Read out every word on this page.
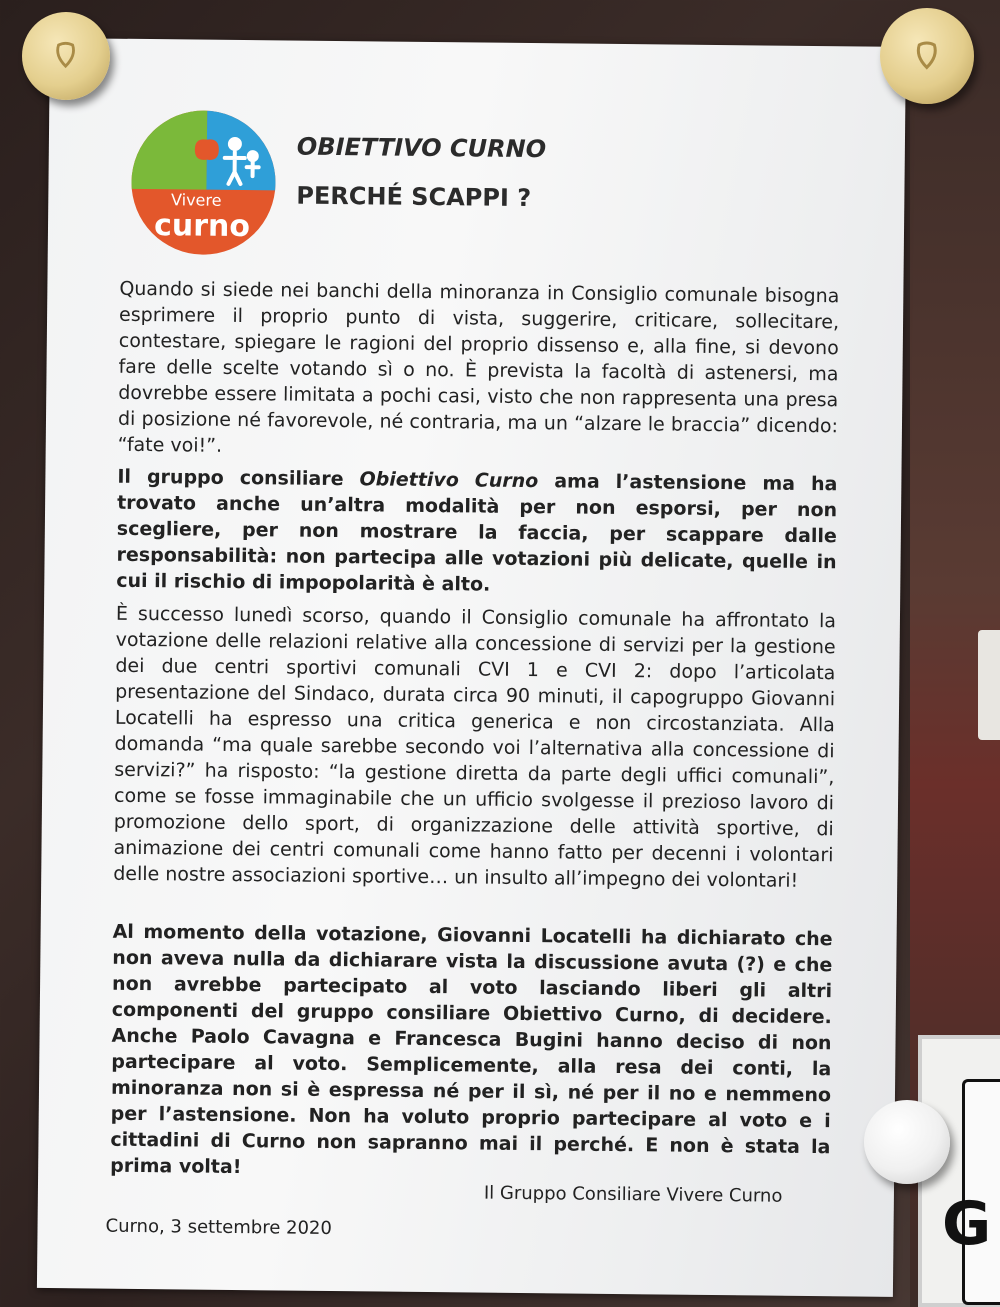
G
Vivere
curno
OBIETTIVO CURNO
PERCHÉ SCAPPI ?
Quando si siede nei banchi della minoranza in Consiglio comunale bisogna esprimere il proprio punto di vista, suggerire, criticare, sollecitare, contestare, spiegare le ragioni del proprio dissenso e, alla fine, si devono fare delle scelte votando sì o no. È prevista la facoltà di astenersi, ma dovrebbe essere limitata a pochi casi, visto che non rappresenta una presa di posizione né favorevole, né contraria, ma un “alzare le braccia” dicendo: “fate voi!”.
Il gruppo consiliare Obiettivo Curno ama l’astensione ma ha trovato anche un’altra modalità per non esporsi, per non scegliere, per non mostrare la faccia, per scappare dalle responsabilità: non partecipa alle votazioni più delicate, quelle in cui il rischio di impopolarità è alto.
È successo lunedì scorso, quando il Consiglio comunale ha affrontato la votazione delle relazioni relative alla concessione di servizi per la gestione dei due centri sportivi comunali CVI 1 e CVI 2: dopo l’articolata presentazione del Sindaco, durata circa 90 minuti, il capogruppo Giovanni Locatelli ha espresso una critica generica e non circostanziata. Alla domanda “ma quale sarebbe secondo voi l’alternativa alla concessione di servizi?” ha risposto: “la gestione diretta da parte degli uffici comunali”, come se fosse immaginabile che un ufficio svolgesse il prezioso lavoro di promozione dello sport, di organizzazione delle attività sportive, di animazione dei centri comunali come hanno fatto per decenni i volontari delle nostre associazioni sportive… un insulto all’impegno dei volontari!
Al momento della votazione, Giovanni Locatelli ha dichiarato che non aveva nulla da dichiarare vista la discussione avuta (?) e che non avrebbe partecipato al voto lasciando liberi gli altri componenti del gruppo consiliare Obiettivo Curno, di decidere. Anche Paolo Cavagna e Francesca Bugini hanno deciso di non partecipare al voto. Semplicemente, alla resa dei conti, la minoranza non si è espressa né per il sì, né per il no e nemmeno per l’astensione. Non ha voluto proprio partecipare al voto e i cittadini di Curno non sapranno mai il perché. E non è stata la prima volta!
Il Gruppo Consiliare Vivere Curno
Curno, 3 settembre 2020
